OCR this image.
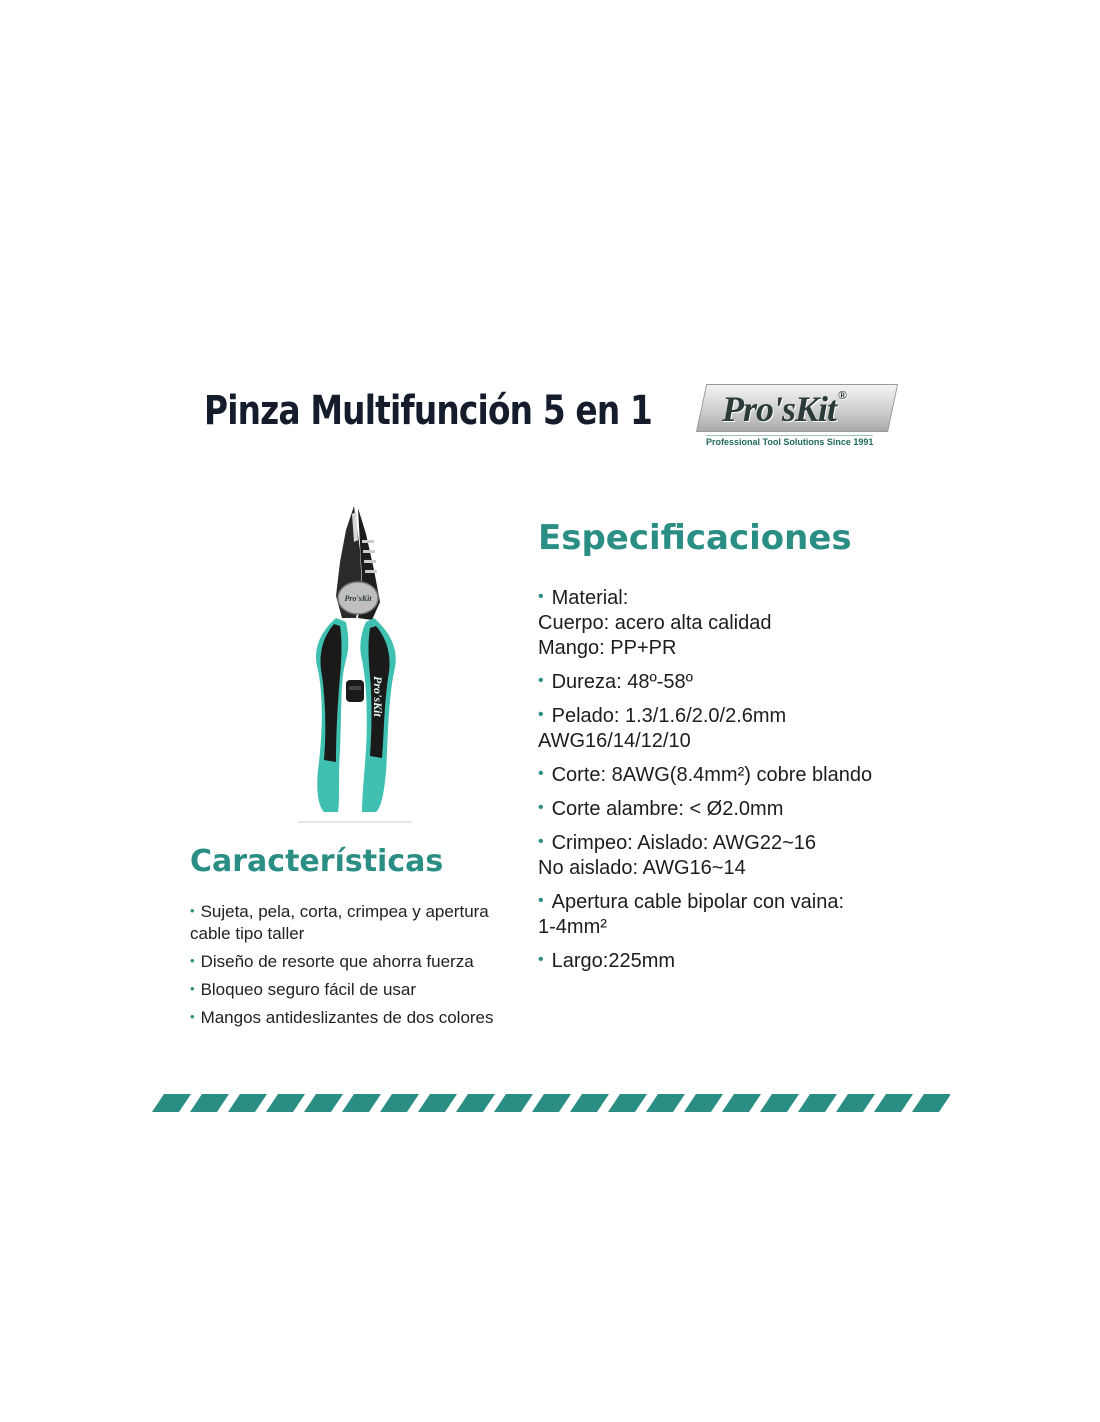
Pinza Multifunción 5 en 1 Pro'sKit ®
Professional Tool Solutions Since 1991
Pro'sKit
Pro'sKit
Especificaciones
• Material:
Cuerpo: acero alta calidad
Mango: PP+PR
• Dureza: 48º-58º
• Pelado: 1.3/1.6/2.0/2.6mm
AWG16/14/12/10
• Corte: 8AWG(8.4mm²) cobre blando
• Corte alambre: < Ø2.0mm
• Crimpeo: Aislado: AWG22~16
No aislado: AWG16~14
• Apertura cable bipolar con vaina:
1-4mm²
• Largo:225mm
Características
• Sujeta, pela, corta, crimpea y apertura
cable tipo taller
• Diseño de resorte que ahorra fuerza
• Bloqueo seguro fácil de usar
• Mangos antideslizantes de dos colores
